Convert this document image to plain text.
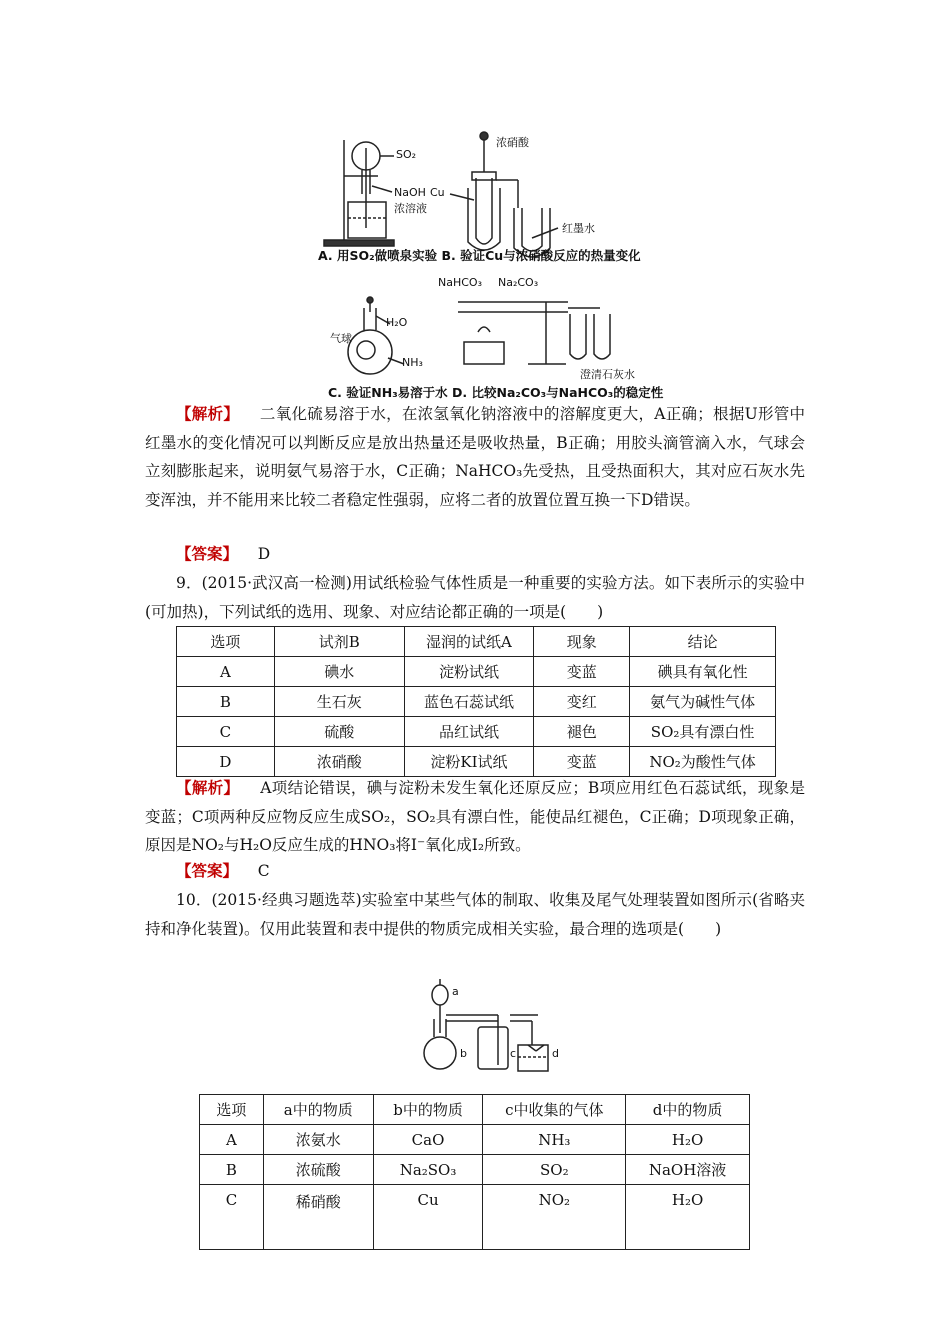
SO₂
NaOH
浓溶液
浓硝酸
Cu
红墨水
A. 用SO₂做喷泉实验 B. 验证Cu与浓硝酸反应的热量变化
NaHCO₃ Na₂CO₃
H₂O
气球
NH₃
澄清石灰水
C. 验证NH₃易溶于水 D. 比较Na₂CO₃与NaHCO₃的稳定性
【解析】 二氧化硫易溶于水，在浓氢氧化钠溶液中的溶解度更大，A正确；根据U形管中红墨水的变化情况可以判断反应是放出热量还是吸收热量，B正确；用胶头滴管滴入水，气球会立刻膨胀起来，说明氨气易溶于水，C正确；NaHCO₃先受热，且受热面积大，其对应石灰水先变浑浊，并不能用来比较二者稳定性强弱，应将二者的放置位置互换一下D错误。
【答案】 D
9．(2015·武汉高一检测)用试纸检验气体性质是一种重要的实验方法。如下表所示的实验中(可加热)，下列试纸的选用、现象、对应结论都正确的一项是(　　)
选项	试剂B	湿润的试纸A	现象	结论
A	碘水	淀粉试纸	变蓝	碘具有氧化性
B	生石灰	蓝色石蕊试纸	变红	氨气为碱性气体
C	硫酸	品红试纸	褪色	SO₂具有漂白性
D	浓硝酸	淀粉KI试纸	变蓝	NO₂为酸性气体
【解析】 A项结论错误，碘与淀粉未发生氧化还原反应；B项应用红色石蕊试纸，现象是变蓝；C项两种反应物反应生成SO₂，SO₂具有漂白性，能使品红褪色，C正确；D项现象正确，原因是NO₂与H₂O反应生成的HNO₃将I⁻氧化成I₂所致。
【答案】 C
10．(2015·经典习题选萃)实验室中某些气体的制取、收集及尾气处理装置如图所示(省略夹持和净化装置)。仅用此装置和表中提供的物质完成相关实验，最合理的选项是(　　)
a
b	c	d
选项	a中的物质	b中的物质	c中收集的气体	d中的物质
A	浓氨水	CaO	NH₃	H₂O
B	浓硫酸	Na₂SO₃	SO₂	NaOH溶液
C	稀硝酸	Cu	NO₂	H₂O
